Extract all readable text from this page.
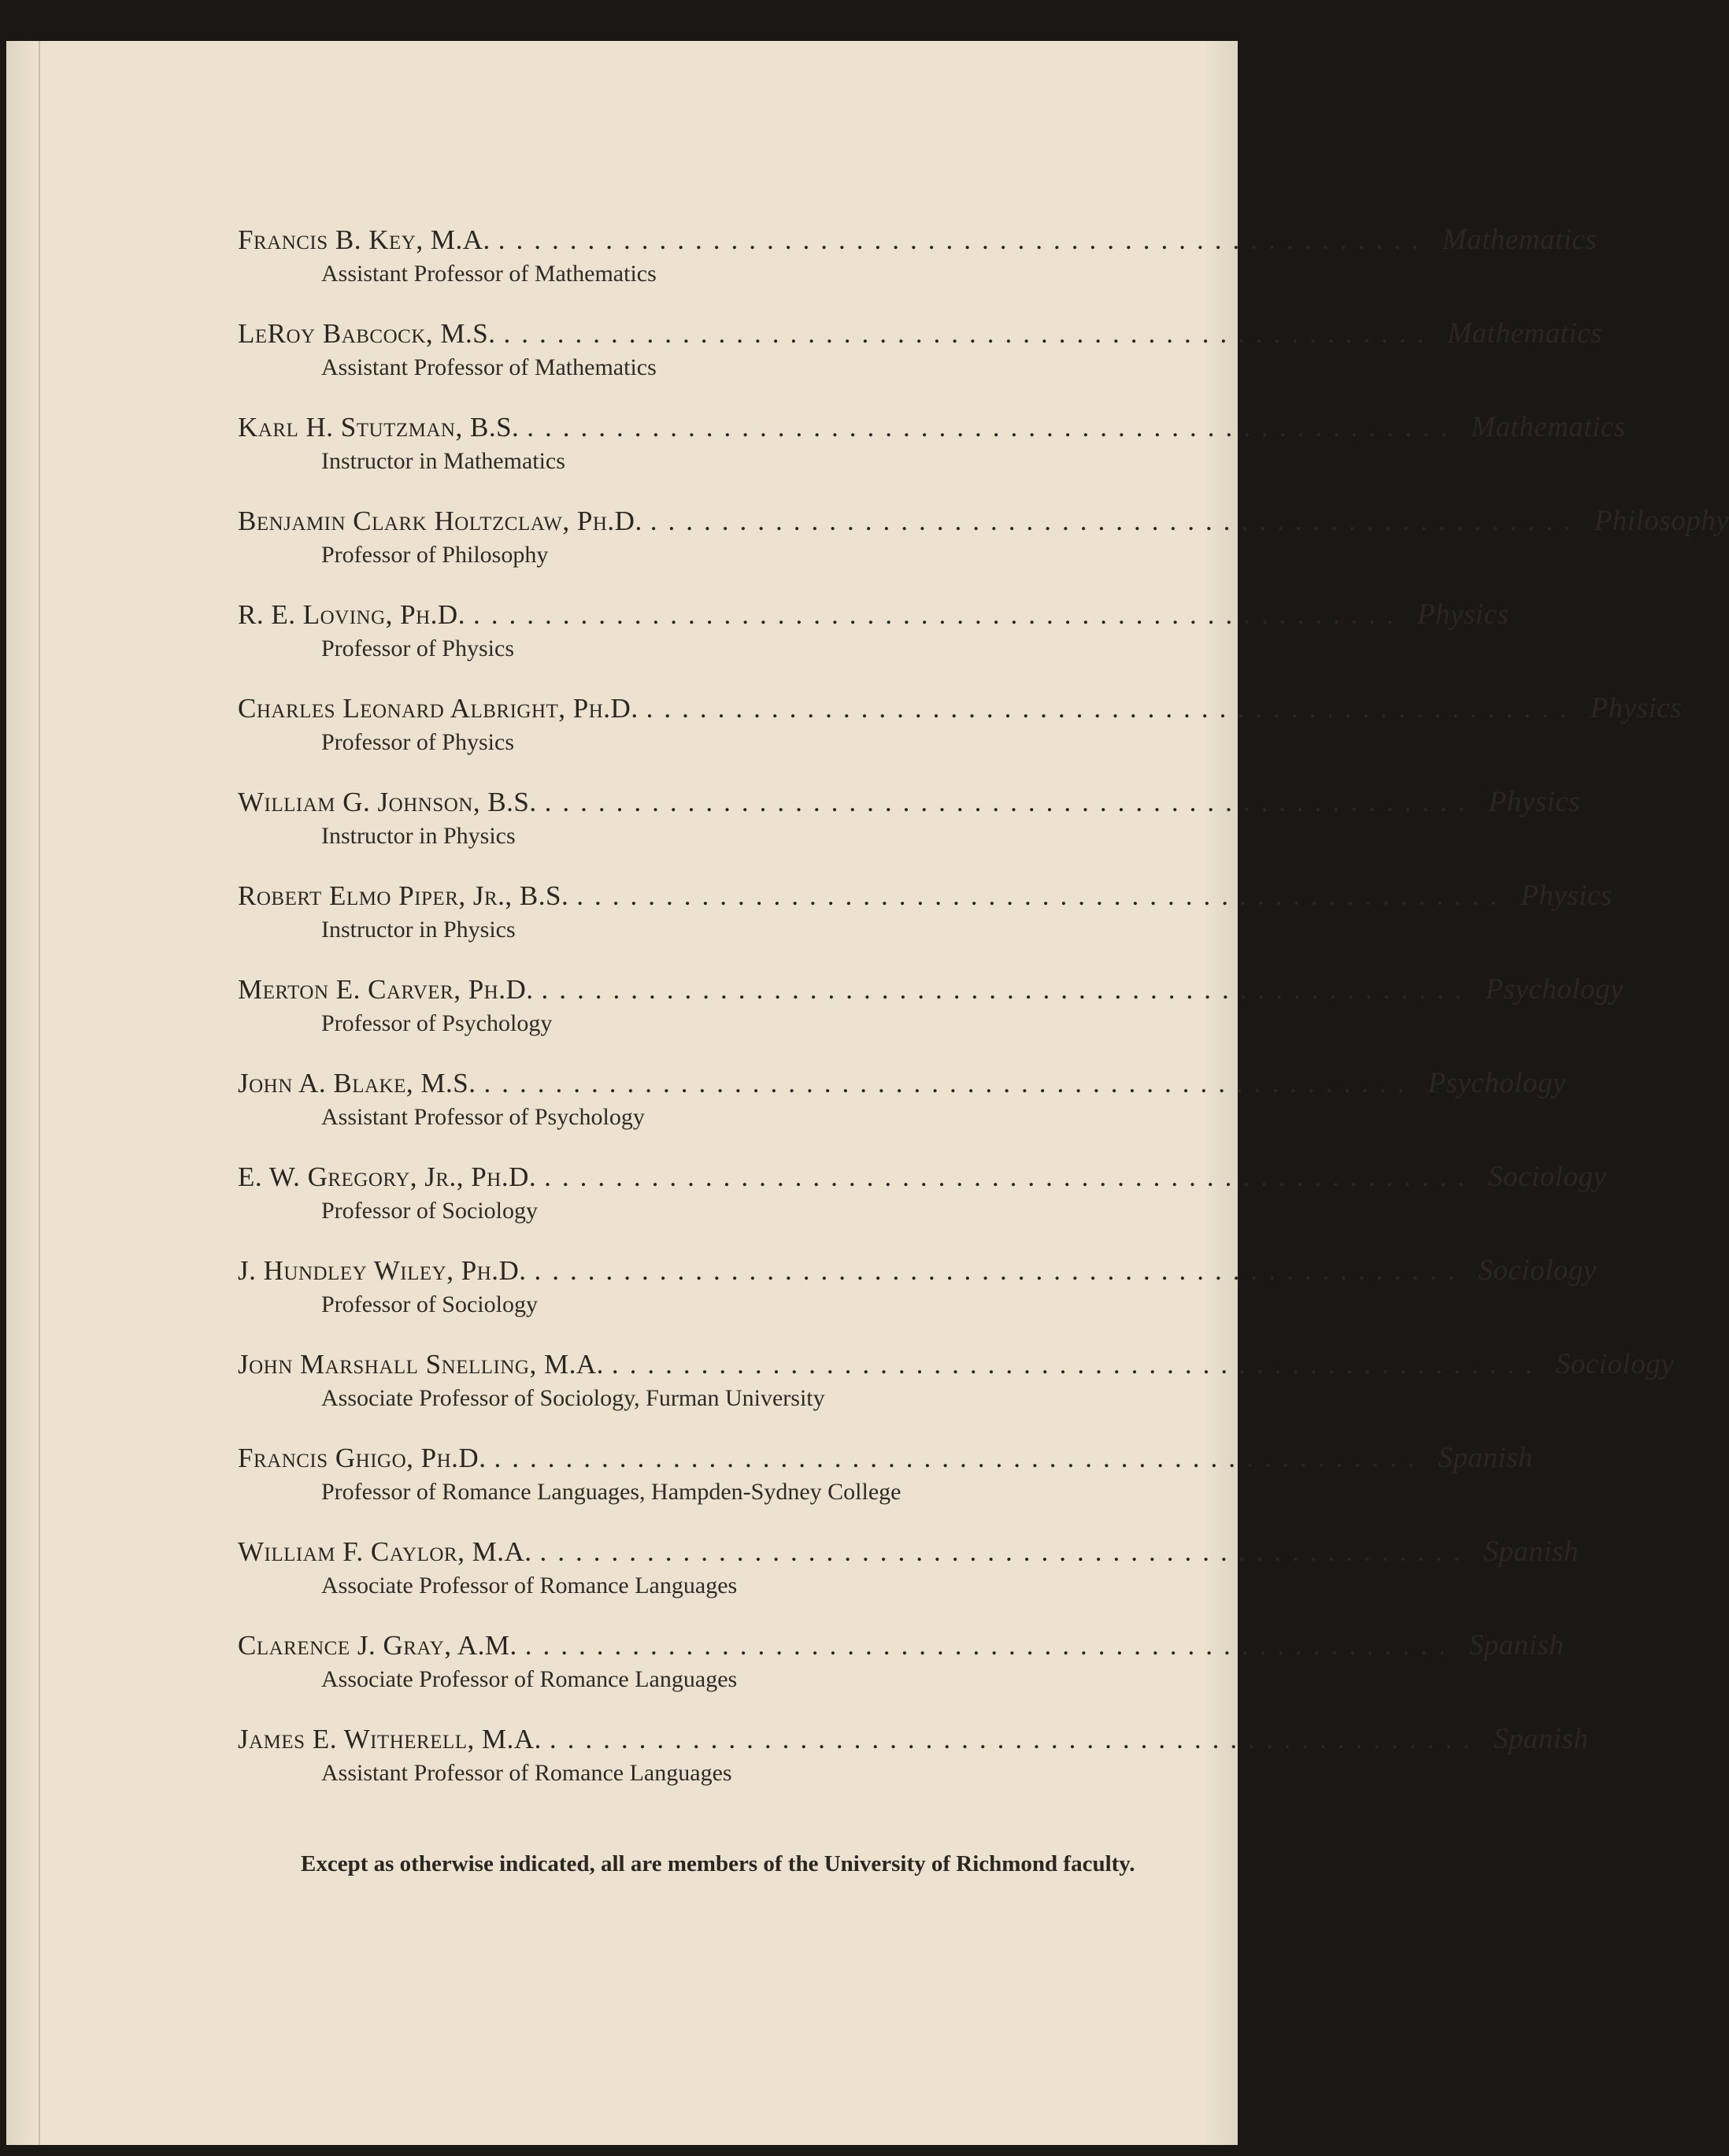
Francis B. Key, M.A. .................................................... Mathematics
Assistant Professor of Mathematics
LeRoy Babcock, M.S. .................................................... Mathematics
Assistant Professor of Mathematics
Karl H. Stutzman, B.S. .................................................... Mathematics
Instructor in Mathematics
Benjamin Clark Holtzclaw, Ph.D. .................................................... Philosophy
Professor of Philosophy
R. E. Loving, Ph.D. .................................................... Physics
Professor of Physics
Charles Leonard Albright, Ph.D. .................................................... Physics
Professor of Physics
William G. Johnson, B.S. .................................................... Physics
Instructor in Physics
Robert Elmo Piper, Jr., B.S. .................................................... Physics
Instructor in Physics
Merton E. Carver, Ph.D. .................................................... Psychology
Professor of Psychology
John A. Blake, M.S. .................................................... Psychology
Assistant Professor of Psychology
E. W. Gregory, Jr., Ph.D. .................................................... Sociology
Professor of Sociology
J. Hundley Wiley, Ph.D. .................................................... Sociology
Professor of Sociology
John Marshall Snelling, M.A. .................................................... Sociology
Associate Professor of Sociology, Furman University
Francis Ghigo, Ph.D. .................................................... Spanish
Professor of Romance Languages, Hampden-Sydney College
William F. Caylor, M.A. .................................................... Spanish
Associate Professor of Romance Languages
Clarence J. Gray, A.M. .................................................... Spanish
Associate Professor of Romance Languages
James E. Witherell, M.A. .................................................... Spanish
Assistant Professor of Romance Languages
Except as otherwise indicated, all are members of the University of Richmond faculty.
